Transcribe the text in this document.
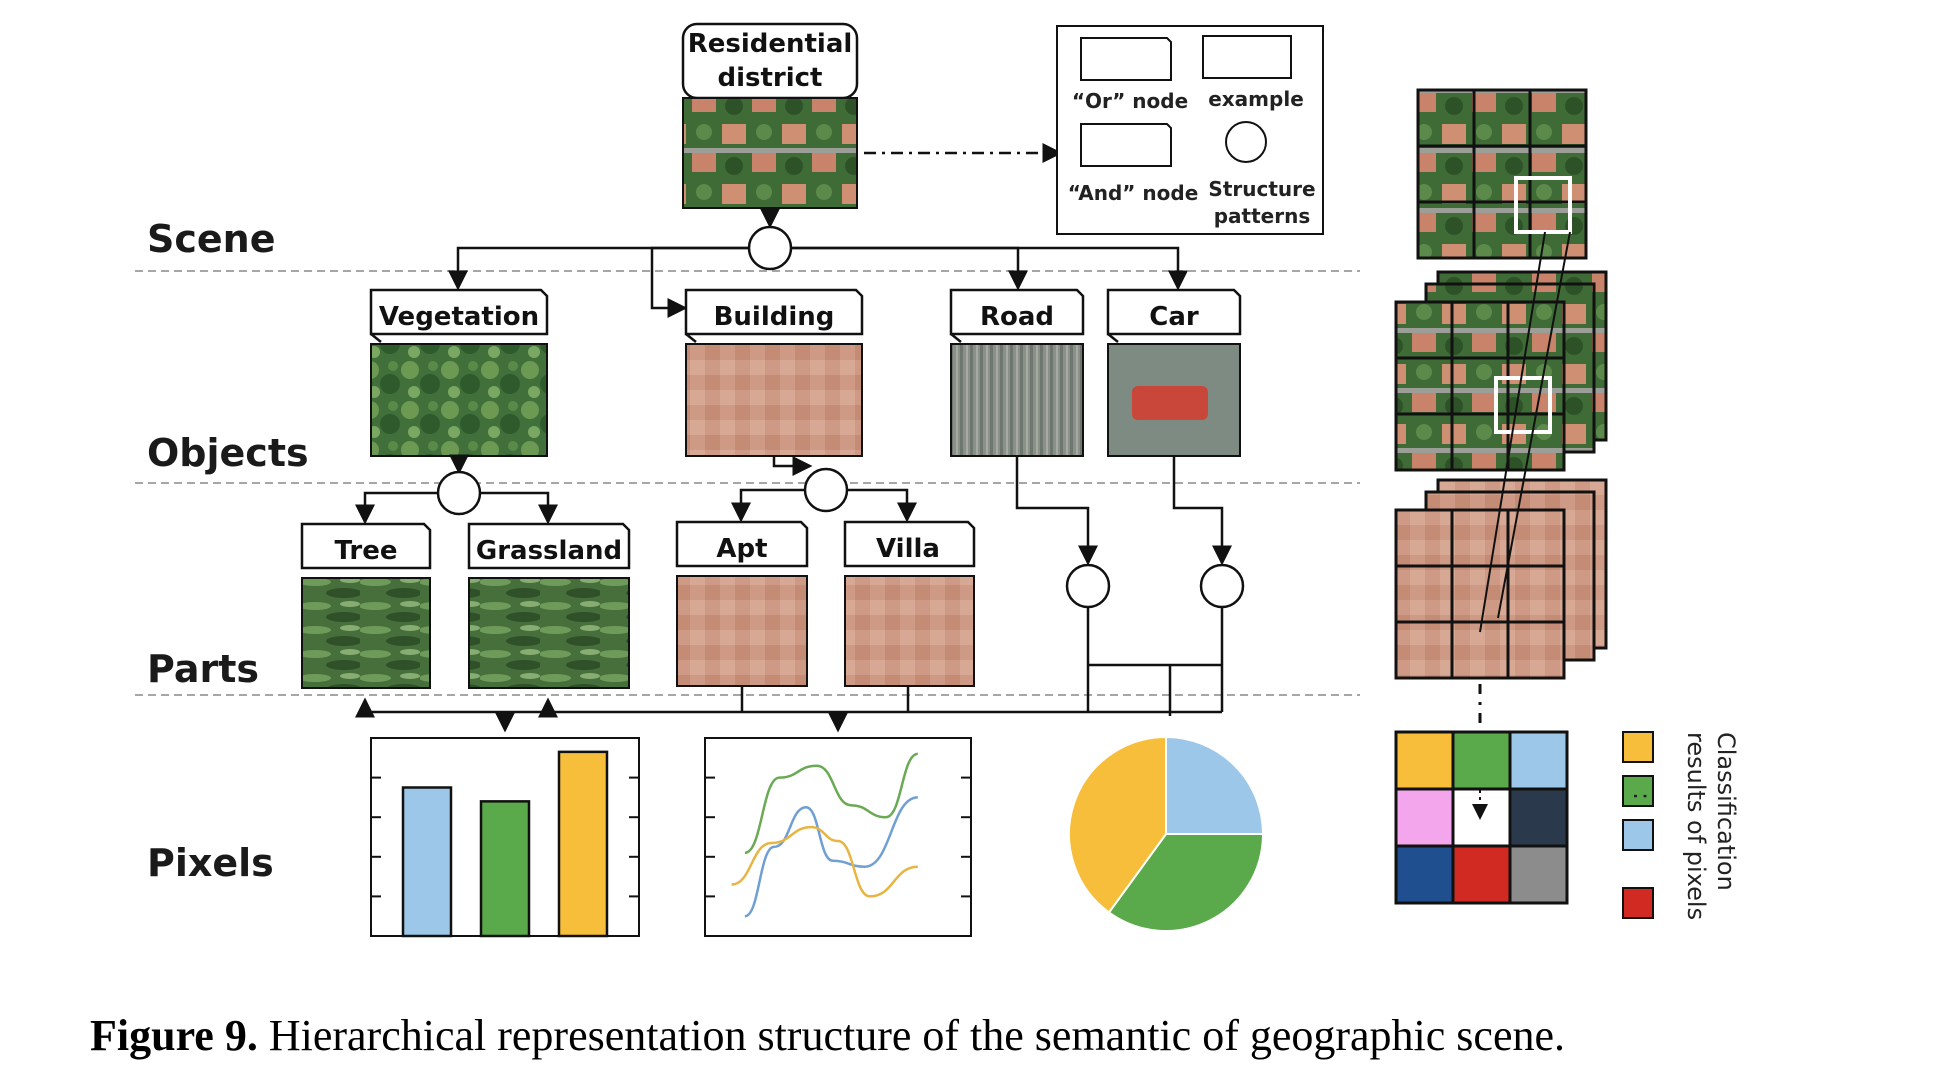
Scene
Objects
Parts
Pixels
Residential
district
“Or” node example
“And” node Structure
patterns
Vegetation	Building	Road	Car
Tree	Grassland	Apt	Villa
: Classification
results of pixels
Figure 9. Hierarchical representation structure of the semantic of geographic scene.
